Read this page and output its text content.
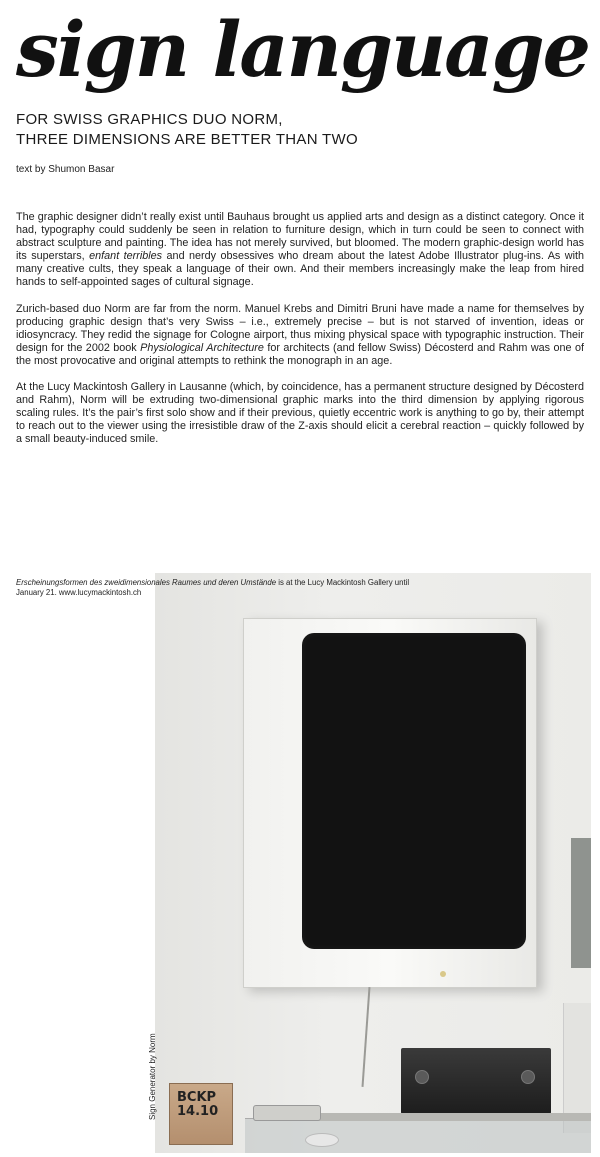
sign language
FOR SWISS GRAPHICS DUO NORM,
THREE DIMENSIONS ARE BETTER THAN TWO
text by Shumon Basar

The graphic designer didn’t really exist until Bauhaus brought us applied arts and design as a distinct category. Once it had, typography could suddenly be seen in relation to furniture design, which in turn could be seen to connect with abstract sculpture and painting. The idea has not merely survived, but bloomed. The modern graphic-design world has its superstars, enfant terribles and nerdy obsessives who dream about the latest Adobe Illustrator plug-ins. As with many creative cults, they speak a language of their own. And their members increasingly make the leap from hired hands to self-appointed sages of cultural signage.

Zurich-based duo Norm are far from the norm. Manuel Krebs and Dimitri Bruni have made a name for themselves by producing graphic design that’s very Swiss – i.e., extremely precise – but is not starved of invention, ideas or idiosyncracy. They redid the signage for Cologne airport, thus mixing physical space with typographic instruction. Their design for the 2002 book Physiological Architecture for architects (and fellow Swiss) Décosterd and Rahm was one of the most provocative and original attempts to rethink the monograph in an age.

At the Lucy Mackintosh Gallery in Lausanne (which, by coincidence, has a permanent structure designed by Décosterd and Rahm), Norm will be extruding two-dimensional graphic marks into the third dimension by applying rigorous scaling rules. It’s the pair’s first solo show and if their previous, quietly eccentric work is anything to go by, their attempt to reach out to the viewer using the irresistible draw of the Z-axis should elicit a cerebral reaction – quickly followed by a small beauty-induced smile.

BCKP
14.10
Erscheinungsformen des zweidimensionales Raumes und deren Umstände is at the Lucy Mackintosh Gallery until January 21. www.lucymackintosh.ch
Sign Generator by Norm
